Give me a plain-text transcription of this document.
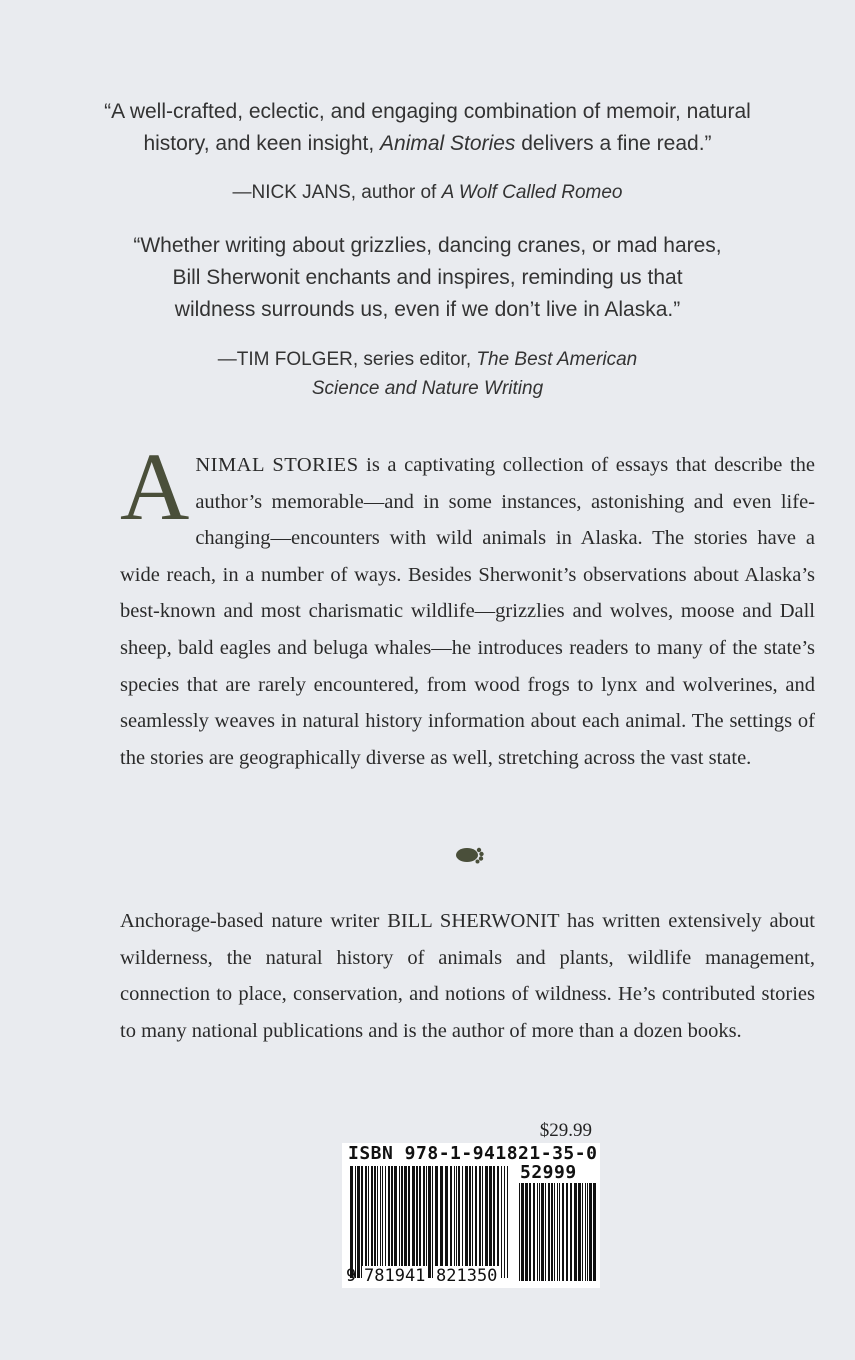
“A well-crafted, eclectic, and engaging combination of memoir, natural history, and keen insight, Animal Stories delivers a fine read.”

—NICK JANS, author of A Wolf Called Romeo

“Whether writing about grizzlies, dancing cranes, or mad hares, Bill Sherwonit enchants and inspires, reminding us that wildness surrounds us, even if we don’t live in Alaska.”

—TIM FOLGER, series editor, The Best American

Science and Nature Writing

ANIMAL STORIES is a captivating collection of essays that describe the author’s memorable—and in some instances, astonishing and even life-changing—encounters with wild animals in Alaska. The stories have a wide reach, in a number of ways. Besides Sherwonit’s observations about Alaska’s best-known and most charismatic wildlife—grizzlies and wolves, moose and Dall sheep, bald eagles and beluga whales—he introduces readers to many of the state’s species that are rarely encountered, from wood frogs to lynx and wolverines, and seamlessly weaves in natural history information about each animal. The settings of the stories are geographically diverse as well, stretching across the vast state.

Anchorage-based nature writer BILL SHERWONIT has written extensively about wilderness, the natural history of animals and plants, wildlife management, connection to place, conservation, and notions of wildness. He’s contributed stories to many national publications and is the author of more than a dozen books.

$29.99
ISBN 978-1-941821-35-0
52999
9 781941 821350
